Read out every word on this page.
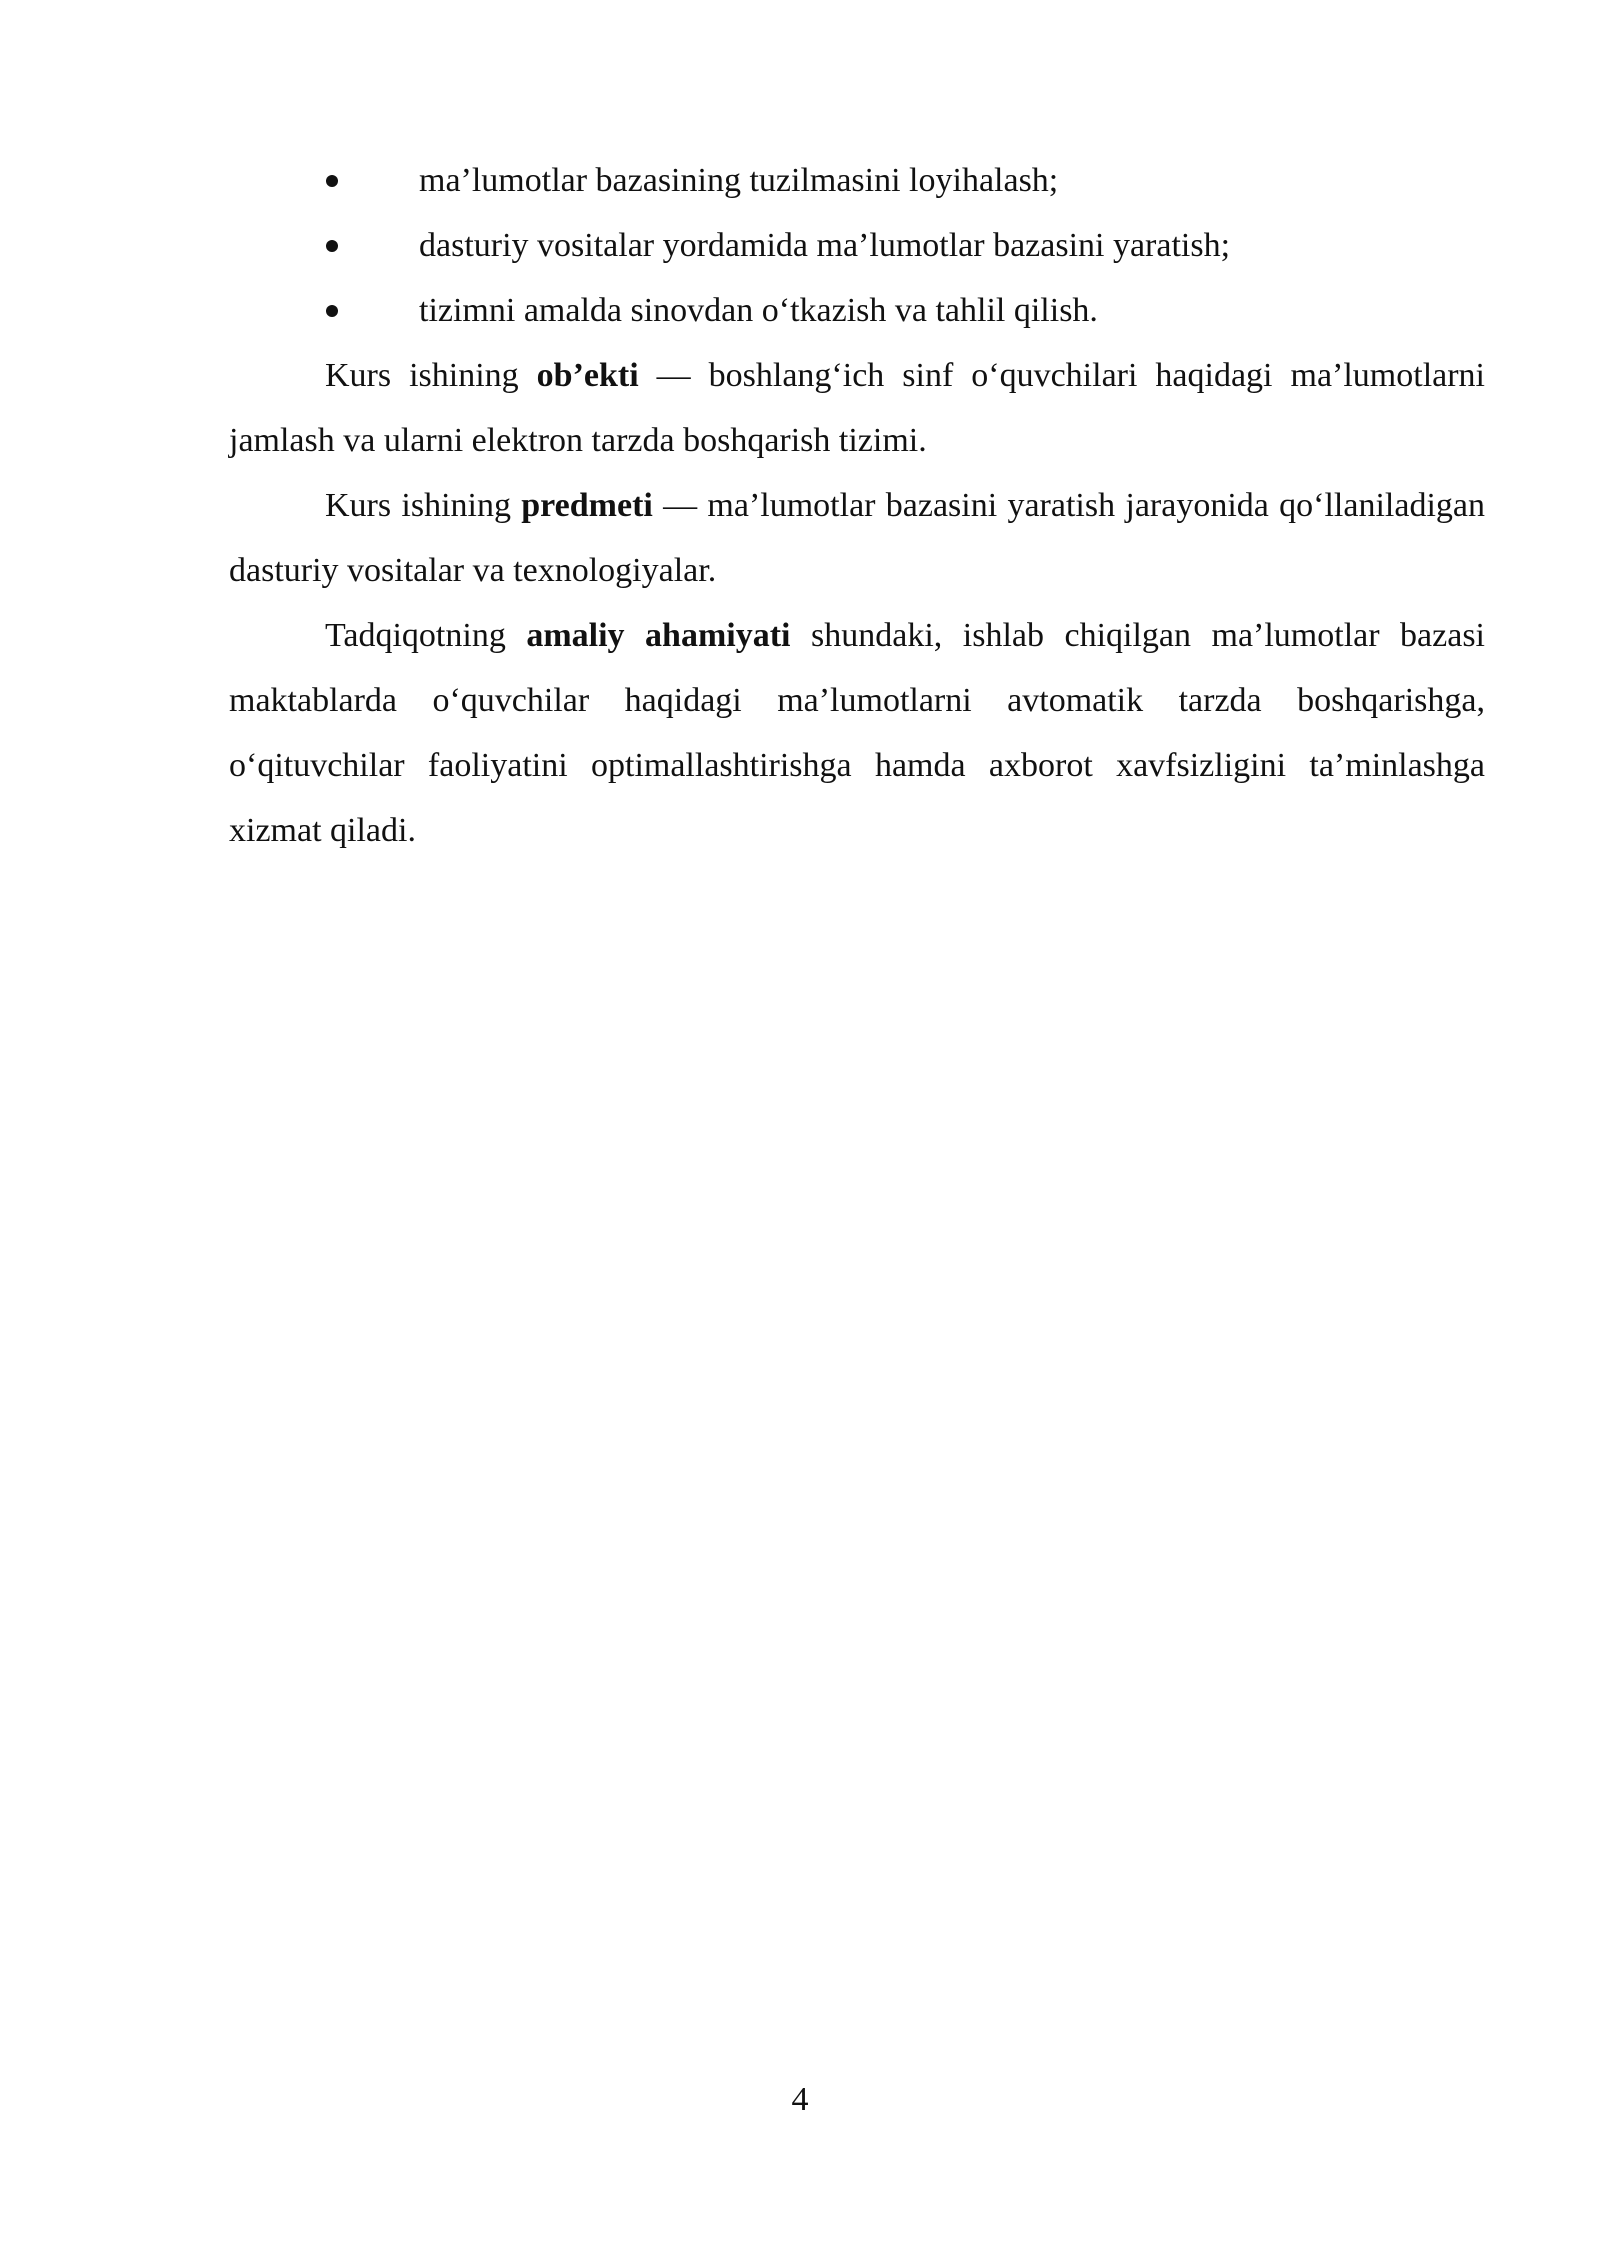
ma’lumotlar bazasining tuzilmasini loyihalash;
dasturiy vositalar yordamida ma’lumotlar bazasini yaratish;
tizimni amalda sinovdan o‘tkazish va tahlil qilish.

Kurs ishining ob’ekti — boshlang‘ich sinf o‘quvchilari haqidagi ma’lumotlarni jamlash va ularni elektron tarzda boshqarish tizimi.

Kurs ishining predmeti — ma’lumotlar bazasini yaratish jarayonida qo‘llaniladigan dasturiy vositalar va texnologiyalar.

Tadqiqotning amaliy ahamiyati shundaki, ishlab chiqilgan ma’lumotlar bazasi maktablarda o‘quvchilar haqidagi ma’lumotlarni avtomatik tarzda boshqarishga, o‘qituvchilar faoliyatini optimallashtirishga hamda axborot xavfsizligini ta’minlashga xizmat qiladi.

4
